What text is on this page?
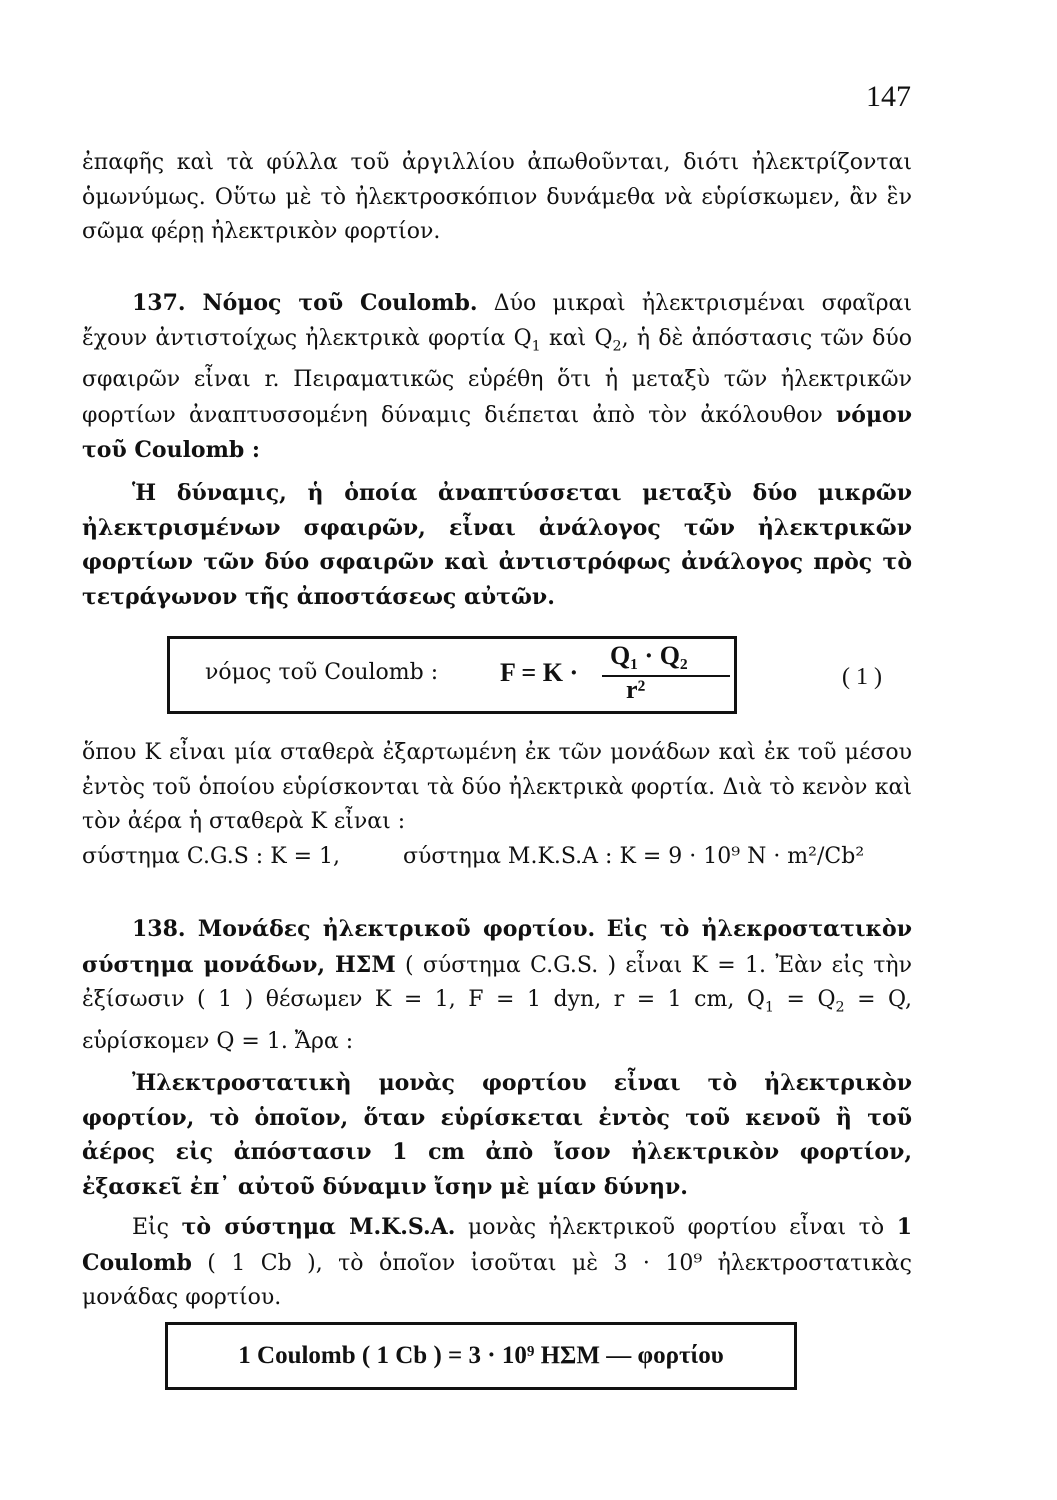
147
ἐπαφῆς καὶ τὰ φύλλα τοῦ ἀργιλλίου ἀπωθοῦνται, διότι ἠλεκτρίζονται ὁμωνύμως. Οὕτω μὲ τὸ ἠλεκτροσκόπιον δυνάμεθα νὰ εὑρίσκωμεν, ἂν ἓν σῶμα φέρῃ ἠλεκτρικὸν φορτίον.
137. Νόμος τοῦ Coulomb. Δύο μικραὶ ἠλεκτρισμέναι σφαῖραι ἔχουν ἀντιστοίχως ἠλεκτρικὰ φορτία $Q_1$ καὶ $Q_2$, ἡ δὲ ἀπόστασις τῶν δύο σφαιρῶν εἶναι r. Πειραματικῶς εὑρέθη ὅτι ἡ μεταξὺ τῶν ἠλεκτρικῶν φορτίων ἀναπτυσσομένη δύναμις διέπεται ἀπὸ τὸν ἀκόλουθον νόμον τοῦ Coulomb :
Ἡ δύναμις, ἡ ὁποία ἀναπτύσσεται μεταξὺ δύο μικρῶν ἠλεκτρισμένων σφαιρῶν, εἶναι ἀνάλογος τῶν ἠλεκτρικῶν φορτίων τῶν δύο σφαιρῶν καὶ ἀντιστρόφως ἀνάλογος πρὸς τὸ τετράγωνον τῆς ἀποστάσεως αὐτῶν.
νόμος τοῦ Coulomb : F = K ·
Q₁ · Q₂
r²	( 1 )
ὅπου K εἶναι μία σταθερὰ ἐξαρτωμένη ἐκ τῶν μονάδων καὶ ἐκ τοῦ μέσου ἐντὸς τοῦ ὁποίου εὑρίσκονται τὰ δύο ἠλεκτρικὰ φορτία. Διὰ τὸ κενὸν καὶ τὸν ἀέρα ἡ σταθερὰ K εἶναι :
σύστημα C.G.S : K = 1,	σύστημα M.K.S.A : K = 9 · 10⁹ N · m²/Cb²
138. Μονάδες ἠλεκτρικοῦ φορτίου. Εἰς τὸ ἠλεκροστατικὸν σύστημα μονάδων, ΗΣΜ ( σύστημα C.G.S. ) εἶναι K = 1. Ἐὰν εἰς τὴν ἐξίσωσιν ( 1 ) θέσωμεν K = 1, F = 1 dyn, r = 1 cm, $Q_1 = Q_2 = Q$, εὑρίσκομεν Q = 1. Ἄρα :
Ἠλεκτροστατικὴ μονὰς φορτίου εἶναι τὸ ἠλεκτρικὸν φορτίον, τὸ ὁποῖον, ὅταν εὑρίσκεται ἐντὸς τοῦ κενοῦ ἢ τοῦ ἀέρος εἰς ἀπόστασιν 1 cm ἀπὸ ἴσον ἠλεκτρικὸν φορτίον, ἐξασκεῖ ἐπ᾽ αὐτοῦ δύναμιν ἴσην μὲ μίαν δύνην.
Εἰς τὸ σύστημα M.K.S.A. μονὰς ἠλεκτρικοῦ φορτίου εἶναι τὸ 1 Coulomb ( 1 Cb ), τὸ ὁποῖον ἰσοῦται μὲ 3 · 10⁹ ἠλεκτροστατικὰς μονάδας φορτίου.
1 Coulomb ( 1 Cb ) = 3 · 10⁹ ΗΣΜ — φορτίου
